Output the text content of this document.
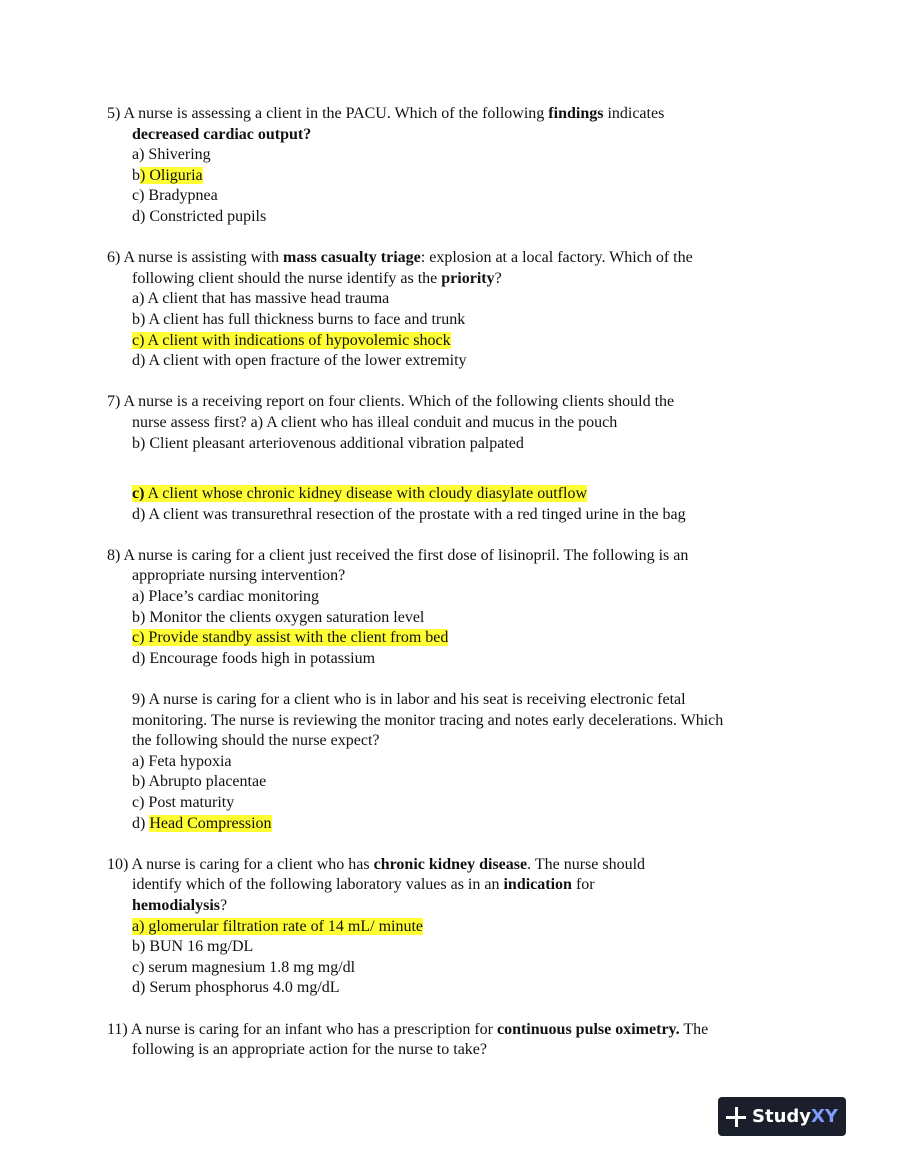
5) A nurse is assessing a client in the PACU. Which of the following findings indicates
decreased cardiac output?
a) Shivering
b) Oliguria
c) Bradypnea
d) Constricted pupils
6) A nurse is assisting with mass casualty triage: explosion at a local factory. Which of the
following client should the nurse identify as the priority?
a) A client that has massive head trauma
b) A client has full thickness burns to face and trunk
c) A client with indications of hypovolemic shock
d) A client with open fracture of the lower extremity
7) A nurse is a receiving report on four clients. Which of the following clients should the
nurse assess first? a) A client who has illeal conduit and mucus in the pouch
b) Client pleasant arteriovenous additional vibration palpated
c) A client whose chronic kidney disease with cloudy diasylate outflow
d) A client was transurethral resection of the prostate with a red tinged urine in the bag
8) A nurse is caring for a client just received the first dose of lisinopril. The following is an
appropriate nursing intervention?
a) Place’s cardiac monitoring
b) Monitor the clients oxygen saturation level
c) Provide standby assist with the client from bed
d) Encourage foods high in potassium
9) A nurse is caring for a client who is in labor and his seat is receiving electronic fetal
monitoring. The nurse is reviewing the monitor tracing and notes early decelerations. Which
the following should the nurse expect?
a) Feta hypoxia
b) Abrupto placentae
c) Post maturity
d) Head Compression
10) A nurse is caring for a client who has chronic kidney disease. The nurse should
identify which of the following laboratory values as in an indication for
hemodialysis?
a) glomerular filtration rate of 14 mL/ minute
b) BUN 16 mg/DL
c) serum magnesium 1.8 mg mg/dl
d) Serum phosphorus 4.0 mg/dL
11) A nurse is caring for an infant who has a prescription for continuous pulse oximetry. The
following is an appropriate action for the nurse to take?
StudyXY
